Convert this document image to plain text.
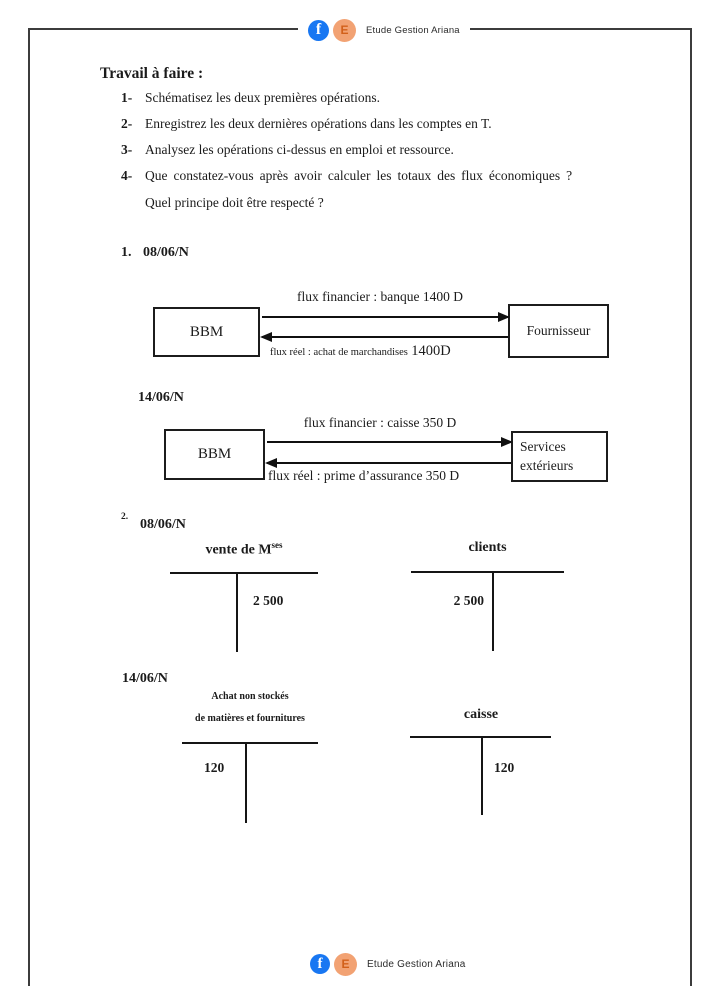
f	E	Etude Gestion Ariana
Travail à faire :
1- Schématisez les deux premières opérations.
2- Enregistrez les deux dernières opérations dans les comptes en T.
3- Analysez les opérations ci-dessus en emploi et ressource.
4- Que constatez-vous après avoir calculer les totaux des flux économiques ?
Quel principe doit être respecté ?
1. 08/06/N
BBM	Fournisseur
flux financier : banque 1400 D
flux réel : achat de marchandises 1400D
14/06/N
BBM	Services
extérieurs
flux financier : caisse 350 D
flux réel : prime d’assurance 350 D
2. 08/06/N
vente de $M^{ses}$
2 500
clients
2 500
14/06/N
Achat non stockés
de matières et fournitures
120
caisse
120
f	E	Etude Gestion Ariana
